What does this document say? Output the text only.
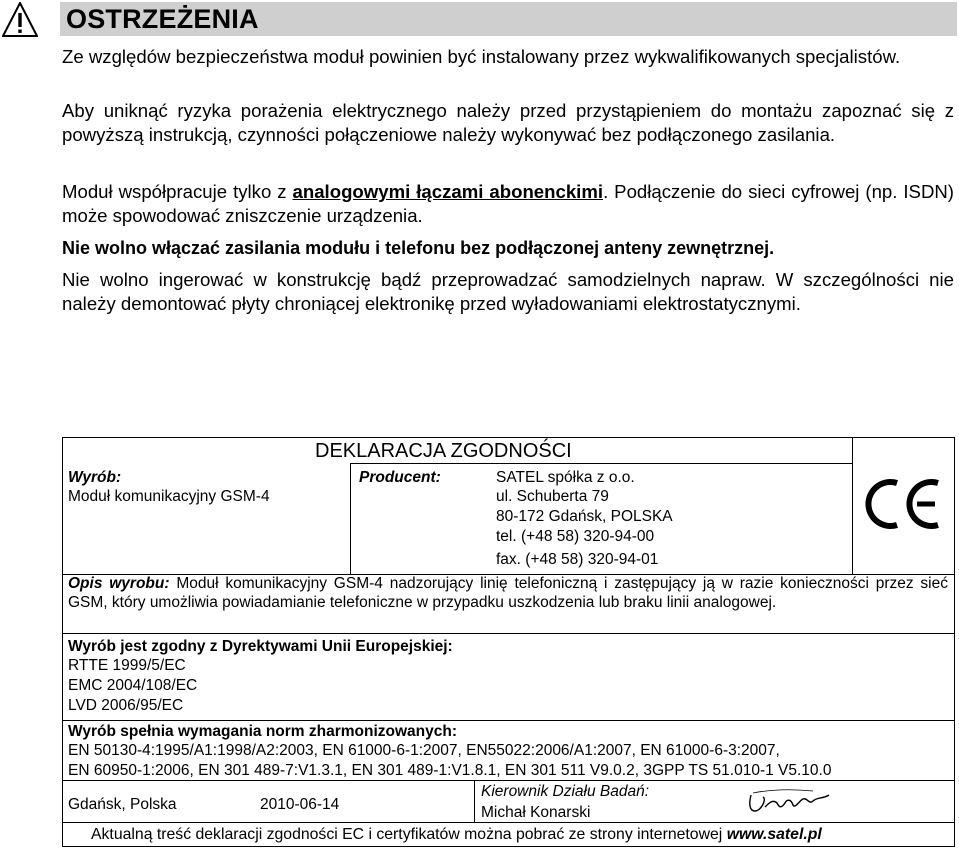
OSTRZEŻENIA

Ze względów bezpieczeństwa moduł powinien być instalowany przez wykwalifikowanych specjalistów.

Aby uniknąć ryzyka porażenia elektrycznego należy przed przystąpieniem do montażu zapoznać się z powyższą instrukcją, czynności połączeniowe należy wykonywać bez podłączonego zasilania.

Moduł współpracuje tylko z analogowymi łączami abonenckimi. Podłączenie do sieci cyfrowej (np. ISDN) może spowodować zniszczenie urządzenia.

Nie wolno włączać zasilania modułu i telefonu bez podłączonej anteny zewnętrznej.

Nie wolno ingerować w konstrukcję bądź przeprowadzać samodzielnych napraw. W szczególności nie należy demontować płyty chroniącej elektronikę przed wyładowaniami elektrostatycznymi.

DEKLARACJA ZGODNOŚCI
Wyrób:
Moduł komunikacyjny GSM-4
Producent:	SATEL spółka z o.o.
ul. Schuberta 79
80-172 Gdańsk, POLSKA
tel. (+48 58) 320-94-00
fax. (+48 58) 320-94-01
Opis wyrobu: Moduł komunikacyjny GSM-4 nadzorujący linię telefoniczną i zastępujący ją w razie konieczności przez sieć GSM, który umożliwia powiadamianie telefoniczne w przypadku uszkodzenia lub braku linii analogowej.
Wyrób jest zgodny z Dyrektywami Unii Europejskiej:
RTTE 1999/5/EC
EMC 2004/108/EC
LVD 2006/95/EC
Wyrób spełnia wymagania norm zharmonizowanych:
EN 50130-4:1995/A1:1998/A2:2003, EN 61000-6-1:2007, EN55022:2006/A1:2007, EN 61000-6-3:2007,
EN 60950-1:2006, EN 301 489-7:V1.3.1, EN 301 489-1:V1.8.1, EN 301 511 V9.0.2, 3GPP TS 51.010-1 V5.10.0
Gdańsk, Polska	2010-06-14
Kierownik Działu Badań:
Michał Konarski
Aktualną treść deklaracji zgodności EC i certyfikatów można pobrać ze strony internetowej www.satel.pl
